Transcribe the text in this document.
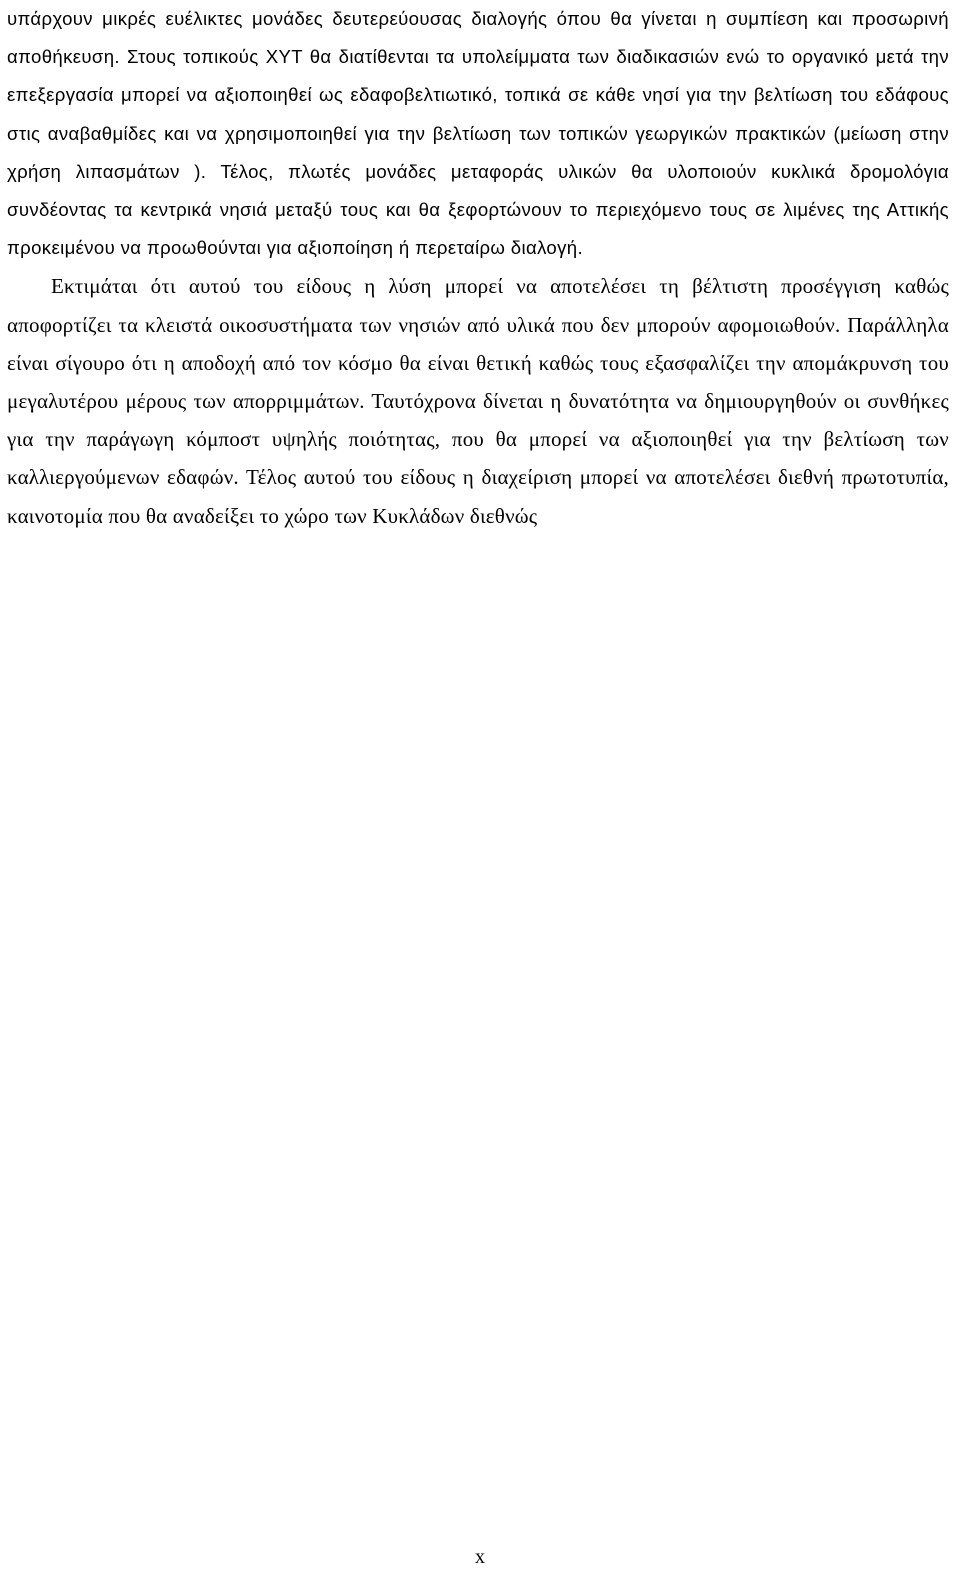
υπάρχουν μικρές ευέλικτες μονάδες δευτερεύουσας διαλογής όπου θα γίνεται η συμπίεση και προσωρινή αποθήκευση. Στους τοπικούς ΧΥΤ θα διατίθενται τα υπολείμματα των διαδικασιών ενώ το οργανικό μετά την επεξεργασία μπορεί να αξιοποιηθεί ως εδαφοβελτιωτικό, τοπικά σε κάθε νησί για την βελτίωση του εδάφους στις αναβαθμίδες και να χρησιμοποιηθεί για την βελτίωση των τοπικών γεωργικών πρακτικών (μείωση στην χρήση λιπασμάτων ). Τέλος, πλωτές μονάδες μεταφοράς υλικών θα υλοποιούν κυκλικά δρομολόγια συνδέοντας τα κεντρικά νησιά μεταξύ τους και θα ξεφορτώνουν το περιεχόμενο τους σε λιμένες της Αττικής προκειμένου να προωθούνται για αξιοποίηση ή περεταίρω διαλογή.

Εκτιμάται ότι αυτού του είδους η λύση μπορεί να αποτελέσει τη βέλτιστη προσέγγιση καθώς αποφορτίζει τα κλειστά οικοσυστήματα των νησιών από υλικά που δεν μπορούν αφομοιωθούν. Παράλληλα είναι σίγουρο ότι η αποδοχή από τον κόσμο θα είναι θετική καθώς τους εξασφαλίζει την απομάκρυνση του μεγαλυτέρου μέρους των απορριμμάτων. Ταυτόχρονα δίνεται η δυνατότητα να δημιουργηθούν οι συνθήκες για την παράγωγη κόμποστ υψηλής ποιότητας, που θα μπορεί να αξιοποιηθεί για την βελτίωση των καλλιεργούμενων εδαφών. Τέλος αυτού του είδους η διαχείριση μπορεί να αποτελέσει διεθνή πρωτοτυπία, καινοτομία που θα αναδείξει το χώρο των Κυκλάδων διεθνώς

x
